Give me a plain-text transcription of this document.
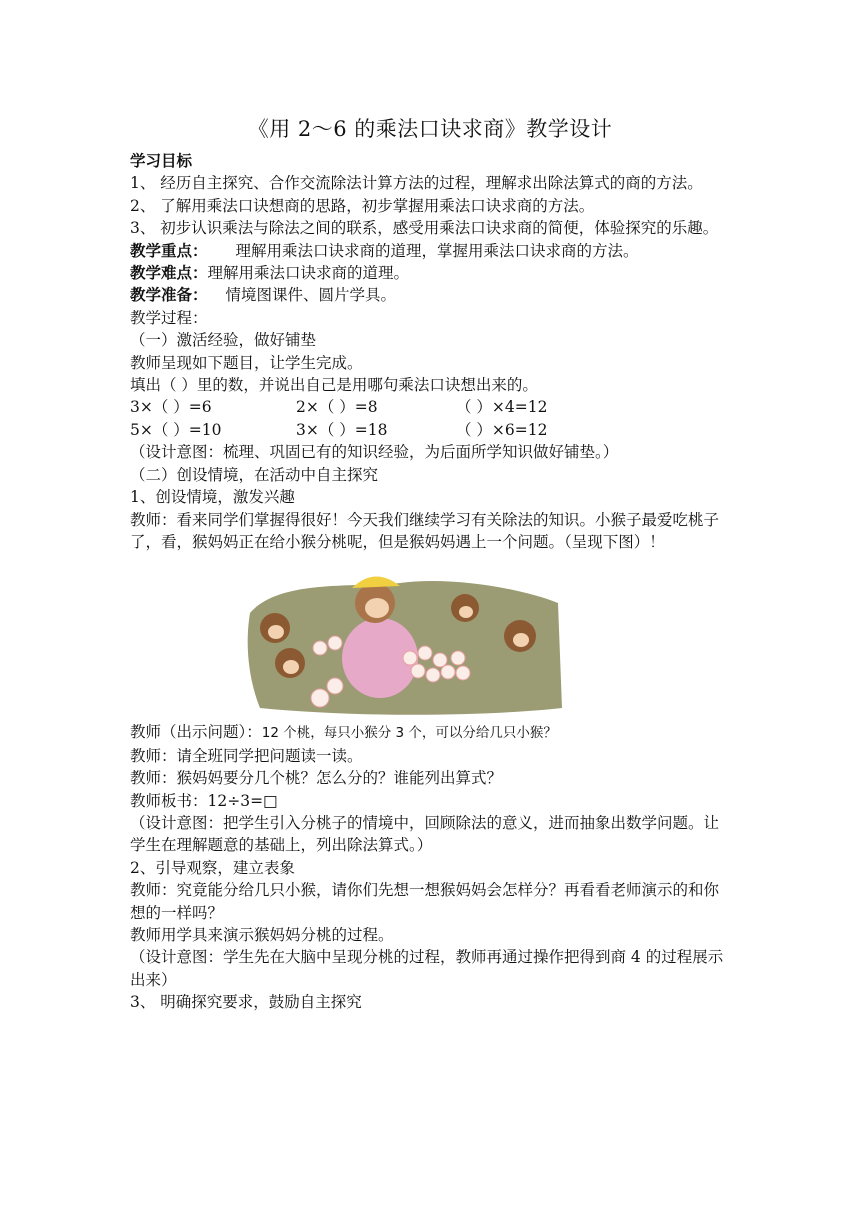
《用 2～6 的乘法口诀求商》教学设计

学习目标

1、 经历自主探究、合作交流除法计算方法的过程，理解求出除法算式的商的方法。

2、 了解用乘法口诀想商的思路，初步掌握用乘法口诀求商的方法。

3、 初步认识乘法与除法之间的联系，感受用乘法口诀求商的简便，体验探究的乐趣。

教学重点： 理解用乘法口诀求商的道理，掌握用乘法口诀求商的方法。

教学难点：理解用乘法口诀求商的道理。

教学准备： 情境图课件、圆片学具。

教学过程：

（一）激活经验，做好铺垫

教师呈现如下题目，让学生完成。

填出（ ）里的数，并说出自己是用哪句乘法口诀想出来的。

3×（ ）=6	2×（ ）=8	（ ）×4=12
5×（ ）=10	3×（ ）=18	（ ）×6=12

（设计意图：梳理、巩固已有的知识经验，为后面所学知识做好铺垫。）

（二）创设情境，在活动中自主探究

1、创设情境，激发兴趣

教师：看来同学们掌握得很好！今天我们继续学习有关除法的知识。小猴子最爱吃桃子了，看，猴妈妈正在给小猴分桃呢，但是猴妈妈遇上一个问题。（呈现下图）！

教师（出示问题）：12 个桃，每只小猴分 3 个，可以分给几只小猴？

教师：请全班同学把问题读一读。

教师：猴妈妈要分几个桃？怎么分的？谁能列出算式？

教师板书：12÷3=□

（设计意图：把学生引入分桃子的情境中，回顾除法的意义，进而抽象出数学问题。让学生在理解题意的基础上，列出除法算式。）

2、引导观察，建立表象

教师：究竟能分给几只小猴，请你们先想一想猴妈妈会怎样分？再看看老师演示的和你想的一样吗？

教师用学具来演示猴妈妈分桃的过程。

（设计意图：学生先在大脑中呈现分桃的过程，教师再通过操作把得到商 4 的过程展示出来）

3、 明确探究要求，鼓励自主探究
